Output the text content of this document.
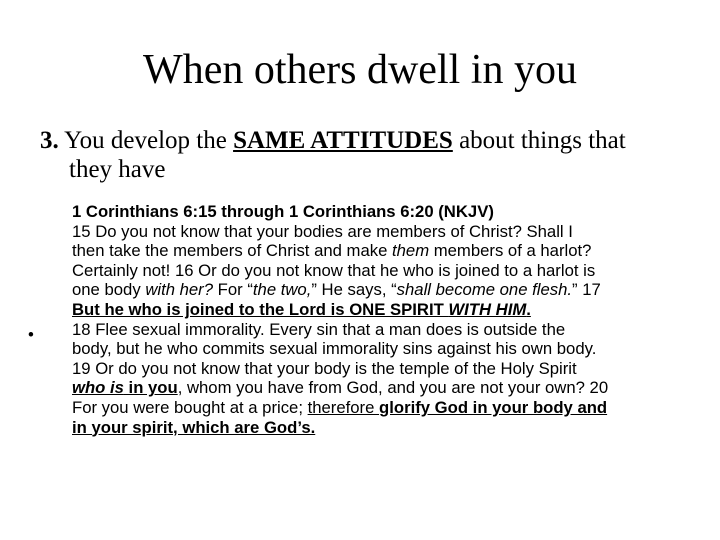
When others dwell in you
3. You develop the SAME ATTITUDES about things that
they have
•
1 Corinthians 6:15 through 1 Corinthians 6:20 (NKJV)
15 Do you not know that your bodies are members of Christ? Shall I
then take the members of Christ and make them members of a harlot?
Certainly not! 16 Or do you not know that he who is joined to a harlot is
one body with her? For “the two,” He says, “shall become one flesh.” 17
But he who is joined to the Lord is ONE SPIRIT WITH HIM.
18 Flee sexual immorality. Every sin that a man does is outside the
body, but he who commits sexual immorality sins against his own body.
19 Or do you not know that your body is the temple of the Holy Spirit
who is in you, whom you have from God, and you are not your own? 20
For you were bought at a price; therefore glorify God in your body and
in your spirit, which are God’s.
